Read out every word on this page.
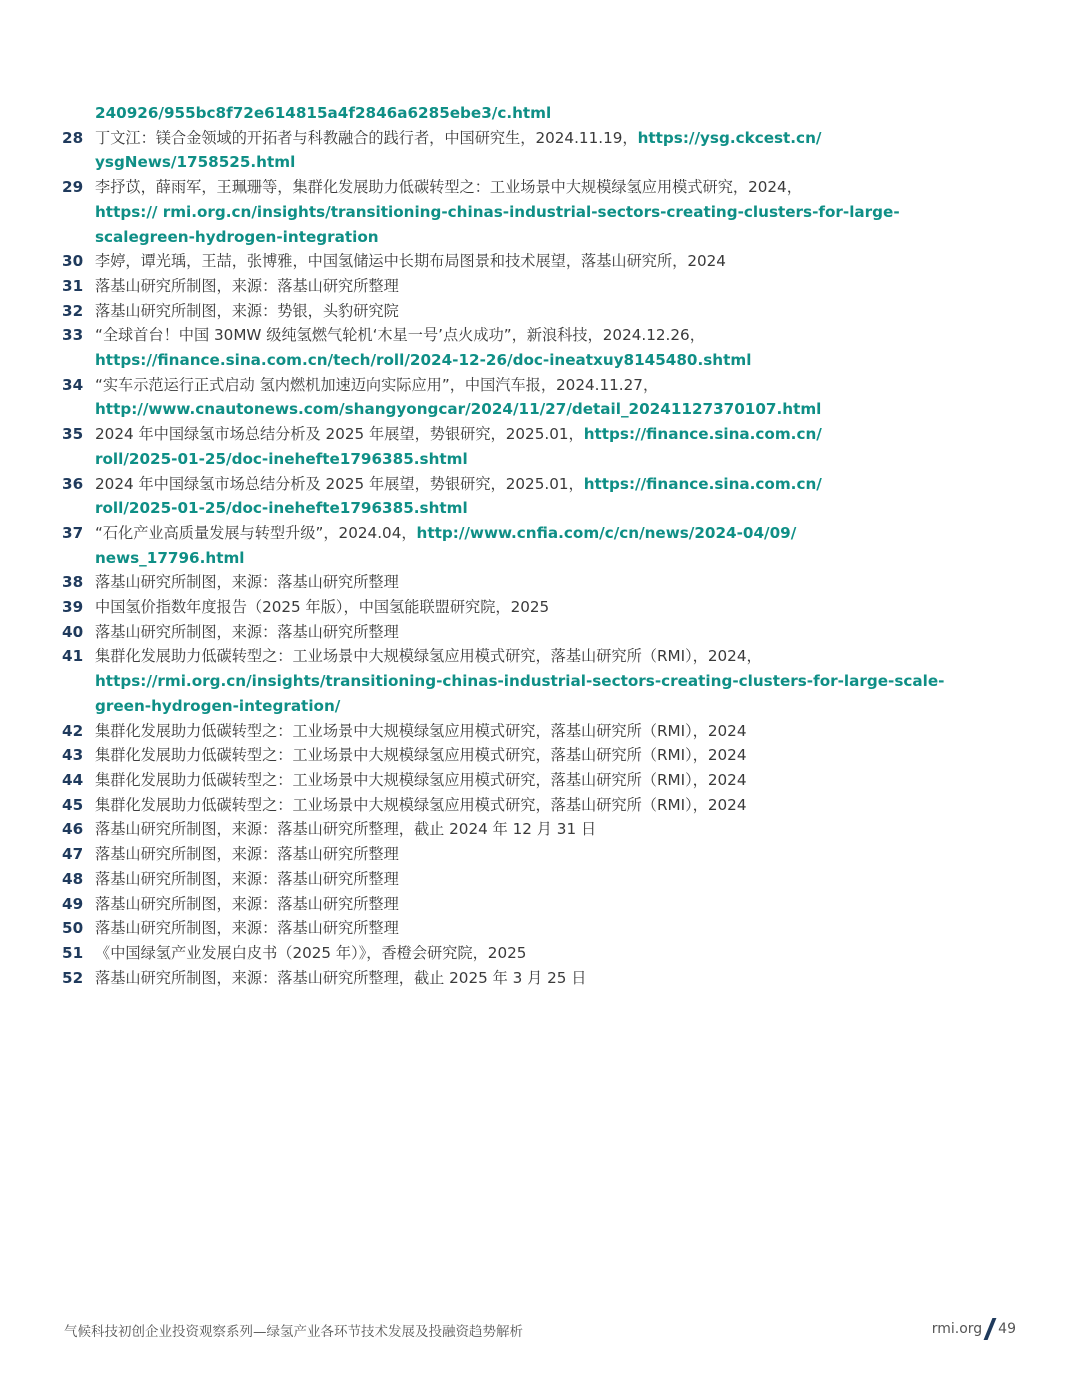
240926/955bc8f72e614815a4f2846a6285ebe3/c.html
28 丁文江：镁合金领域的开拓者与科教融合的践行者，中国研究生，2024.11.19，https://ysg.ckcest.cn/
ysgNews/1758525.html
29 李抒苡，薛雨军，王珮珊等，集群化发展助力低碳转型之：工业场景中大规模绿氢应用模式研究，2024，
https:// rmi.org.cn/insights/transitioning-chinas-industrial-sectors-creating-clusters-for-large-
scalegreen-hydrogen-integration
30 李婷，谭光瑀，王喆，张博雅，中国氢储运中长期布局图景和技术展望，落基山研究所，2024
31 落基山研究所制图，来源：落基山研究所整理
32 落基山研究所制图，来源：势银，头豹研究院
33 “全球首台！中国 30MW 级纯氢燃气轮机‘木星一号’点火成功”，新浪科技，2024.12.26，
https://finance.sina.com.cn/tech/roll/2024-12-26/doc-ineatxuy8145480.shtml
34 “实车示范运行正式启动 氢内燃机加速迈向实际应用”，中国汽车报，2024.11.27，
http://www.cnautonews.com/shangyongcar/2024/11/27/detail_20241127370107.html
35 2024 年中国绿氢市场总结分析及 2025 年展望，势银研究，2025.01，https://finance.sina.com.cn/
roll/2025-01-25/doc-inehefte1796385.shtml
36 2024 年中国绿氢市场总结分析及 2025 年展望，势银研究，2025.01，https://finance.sina.com.cn/
roll/2025-01-25/doc-inehefte1796385.shtml
37 “石化产业高质量发展与转型升级”，2024.04，http://www.cnfia.com/c/cn/news/2024-04/09/
news_17796.html
38 落基山研究所制图，来源：落基山研究所整理
39 中国氢价指数年度报告（2025 年版），中国氢能联盟研究院，2025
40 落基山研究所制图，来源：落基山研究所整理
41 集群化发展助力低碳转型之：工业场景中大规模绿氢应用模式研究，落基山研究所（RMI），2024，
https://rmi.org.cn/insights/transitioning-chinas-industrial-sectors-creating-clusters-for-large-scale-
green-hydrogen-integration/
42 集群化发展助力低碳转型之：工业场景中大规模绿氢应用模式研究，落基山研究所（RMI），2024
43 集群化发展助力低碳转型之：工业场景中大规模绿氢应用模式研究，落基山研究所（RMI），2024
44 集群化发展助力低碳转型之：工业场景中大规模绿氢应用模式研究，落基山研究所（RMI），2024
45 集群化发展助力低碳转型之：工业场景中大规模绿氢应用模式研究，落基山研究所（RMI），2024
46 落基山研究所制图，来源：落基山研究所整理，截止 2024 年 12 月 31 日
47 落基山研究所制图，来源：落基山研究所整理
48 落基山研究所制图，来源：落基山研究所整理
49 落基山研究所制图，来源：落基山研究所整理
50 落基山研究所制图，来源：落基山研究所整理
51 《中国绿氢产业发展白皮书（2025 年）》，香橙会研究院，2025
52 落基山研究所制图，来源：落基山研究所整理，截止 2025 年 3 月 25 日
气候科技初创企业投资观察系列—绿氢产业各环节技术发展及投融资趋势解析	rmi.org 49
